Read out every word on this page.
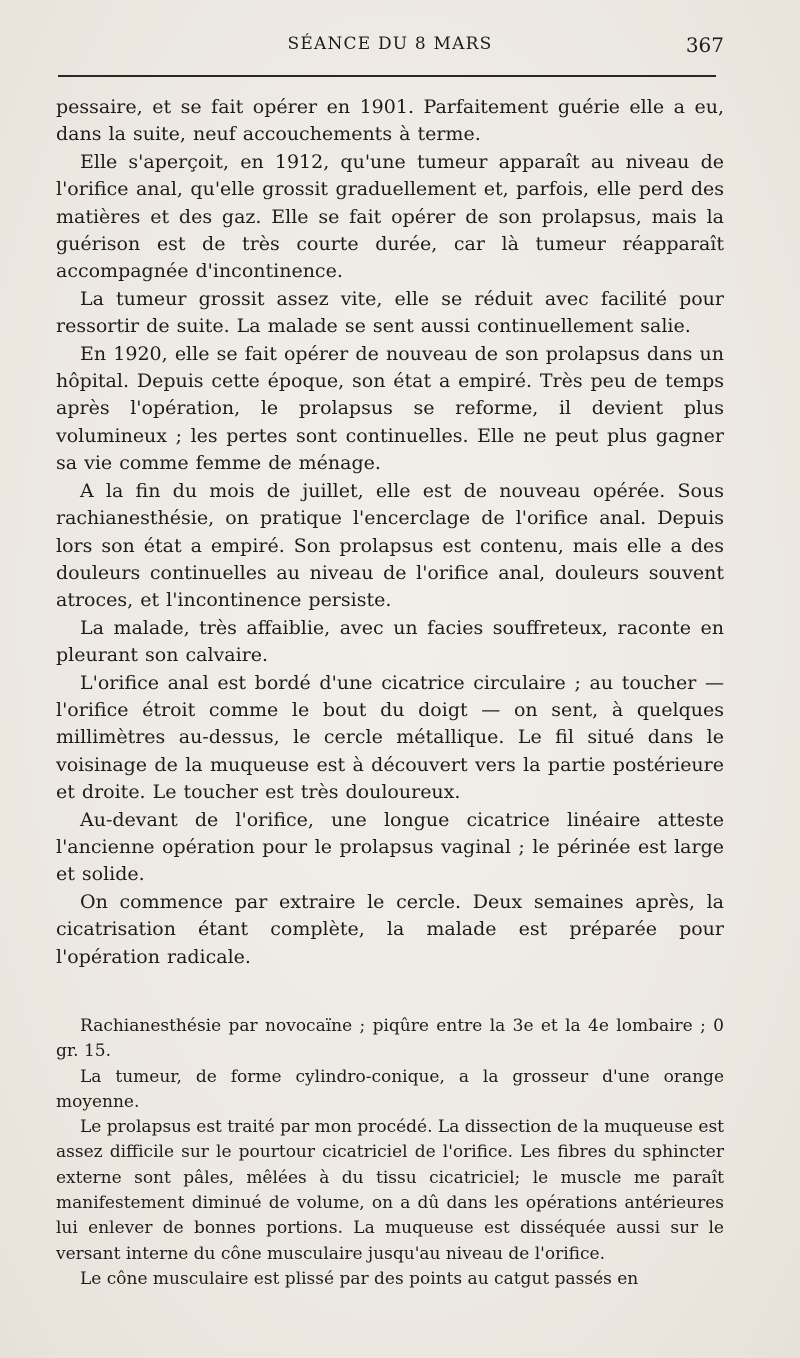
SÉANCE DU 8 MARS	367

pessaire, et se fait opérer en 1901. Parfaitement guérie elle a eu, dans la suite, neuf accouchements à terme.

Elle s'aperçoit, en 1912, qu'une tumeur apparaît au niveau de l'orifice anal, qu'elle grossit graduellement et, parfois, elle perd des matières et des gaz. Elle se fait opérer de son prolapsus, mais la guérison est de très courte durée, car là tumeur réapparaît accompagnée d'incontinence.

La tumeur grossit assez vite, elle se réduit avec facilité pour ressortir de suite. La malade se sent aussi continuellement salie.

En 1920, elle se fait opérer de nouveau de son prolapsus dans un hôpital. Depuis cette époque, son état a empiré. Très peu de temps après l'opération, le prolapsus se reforme, il devient plus volumineux ; les pertes sont continuelles. Elle ne peut plus gagner sa vie comme femme de ménage.

A la fin du mois de juillet, elle est de nouveau opérée. Sous rachianesthésie, on pratique l'encerclage de l'orifice anal. Depuis lors son état a empiré. Son prolapsus est contenu, mais elle a des douleurs continuelles au niveau de l'orifice anal, douleurs souvent atroces, et l'incontinence persiste.

La malade, très affaiblie, avec un facies souffreteux, raconte en pleurant son calvaire.

L'orifice anal est bordé d'une cicatrice circulaire ; au toucher — l'orifice étroit comme le bout du doigt — on sent, à quelques millimètres au-dessus, le cercle métallique. Le fil situé dans le voisinage de la muqueuse est à découvert vers la partie postérieure et droite. Le toucher est très douloureux.

Au-devant de l'orifice, une longue cicatrice linéaire atteste l'ancienne opération pour le prolapsus vaginal ; le périnée est large et solide.

On commence par extraire le cercle. Deux semaines après, la cicatrisation étant complète, la malade est préparée pour l'opération radicale.

Rachianesthésie par novocaïne ; piqûre entre la 3e et la 4e lombaire ; 0 gr. 15.

La tumeur, de forme cylindro-conique, a la grosseur d'une orange moyenne.

Le prolapsus est traité par mon procédé. La dissection de la muqueuse est assez difficile sur le pourtour cicatriciel de l'orifice. Les fibres du sphincter externe sont pâles, mêlées à du tissu cicatriciel; le muscle me paraît manifestement diminué de volume, on a dû dans les opérations antérieures lui enlever de bonnes portions. La muqueuse est disséquée aussi sur le versant interne du cône musculaire jusqu'au niveau de l'orifice.

Le cône musculaire est plissé par des points au catgut passés en
